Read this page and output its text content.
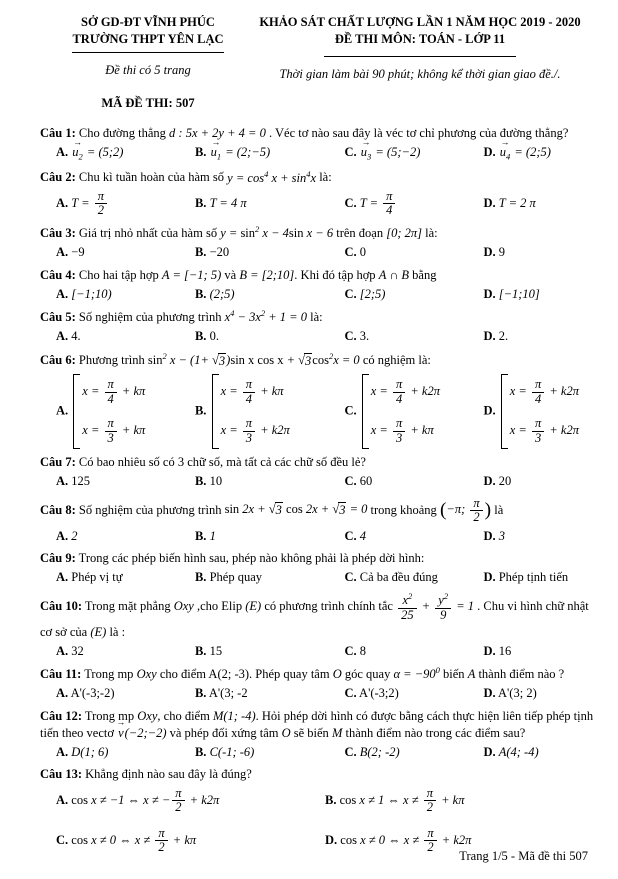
SỞ GD-ĐT VĨNH PHÚC
TRƯỜNG THPT YÊN LẠC
Đề thi có 5 trang
MÃ ĐỀ THI: 507
KHẢO SÁT CHẤT LƯỢNG LẦN 1 NĂM HỌC 2019 - 2020
ĐỀ THI MÔN: TOÁN - LỚP 11
Thời gian làm bài 90 phút; không kể thời gian giao đề./.
Câu 1: Cho đường thẳng d : 5x + 2y + 4 = 0 . Véc tơ nào sau đây là véc tơ chỉ phương của đường thẳng?
A. $u_2$ → = (5;2)	B. $u_1$ → = (2;−5)	C. $u_3$ → = (5;−2)	D. $u_4$ → = (2;5)
Câu 2: Chu kì tuần hoàn của hàm số $y = \cos^4 x + \sin^4x$ là:
A. $T = \frac{\pi}{2}$	B. T = 4 π	C. $T = \frac{\pi}{4}$	D. T = 2 π
Câu 3: Giá trị nhỏ nhất của hàm số $y = \sin^2 x - 4\sin$ x − 6 trên đoạn [0; 2π] là:
A. −9	B. −20	C. 0	D. 9
Câu 4: Cho hai tập hợp A = [−1; 5) và B = [2;10]. Khi đó tập hợp A ∩ B bằng
A. [−1;10)	B. (2;5)	C. [2;5)	D. [−1;10]
Câu 5: Số nghiệm của phương trình $x^4 - 3x^2 + 1 = 0$ là:
A. 4.	B. 0.	C. 3.	D. 2.
Câu 6: Phương trình $\sin^2 x - (1+$ √ 3 )sin x cos x + √ 3 $\cos^2x = 0$ có nghiệm là:
A.
$x = \frac{\pi}{4} + k\pi$
$x = \frac{\pi}{3} + k\pi$
B.
$x = \frac{\pi}{4} + k\pi$
$x = \frac{\pi}{3} + k2\pi$
C.
$x = \frac{\pi}{4} + k2\pi$
$x = \frac{\pi}{3} + k\pi$
D.
$x = \frac{\pi}{4} + k2\pi$
$x = \frac{\pi}{3} + k2\pi$
Câu 7: Có bao nhiêu số có 3 chữ số, mà tất cả các chữ số đều lẻ?
A. 125	B. 10	C. 60	D. 20
Câu 8: Số nghiệm của phương trình sin 2x + √ 3 cos 2x + √ 3 = 0 trong khoảng (−π; $\frac{\pi}{2}$ ) là
A. 2	B. 1	C. 4	D. 3
Câu 9: Trong các phép biến hình sau, phép nào không phải là phép dời hình:
A. Phép vị tự	B. Phép quay	C. Cả ba đều đúng	D. Phép tịnh tiến
Câu 10: Trong mặt phẳng Oxy ,cho Elip (E) có phương trình chính tắc $\frac{x^2}{25} + \frac{y^2}{9} = 1$ . Chu vi hình chữ nhật cơ sở của (E) là :
A. 32	B. 15	C. 8	D. 16
Câu 11: Trong mp Oxy cho điểm A(2; -3). Phép quay tâm O góc quay $\alpha = -90^0$ biến A thành điểm nào ?
A. A'(-3;-2)	B. A'(3; -2	C. A'(-3;2)	D. A'(3; 2)
Câu 12: Trong mp Oxy, cho điểm M(1; -4). Hỏi phép dời hình có được bằng cách thực hiện liên tiếp phép tịnh tiến theo vectơ v →(−2;−2) và phép đối xứng tâm O sẽ biến M thành điểm nào trong các điểm sau?
A. D(1; 6)	B. C(-1; -6)	C. B(2; -2)	D. A(4; -4)
Câu 13: Khẳng định nào sau đây là đúng?
A. cos x ≠ −1 ⇔ x ≠ − $\frac{\pi}{2} + k2\pi$	B. cos x ≠ 1 ⇔ $x \ne \frac{\pi}{2} + k\pi$
C. cos x ≠ 0 ⇔ $x \ne \frac{\pi}{2} + k\pi$	D. cos x ≠ 0 ⇔ $x \ne \frac{\pi}{2} + k2\pi$
Trang 1/5 - Mã đề thi 507
